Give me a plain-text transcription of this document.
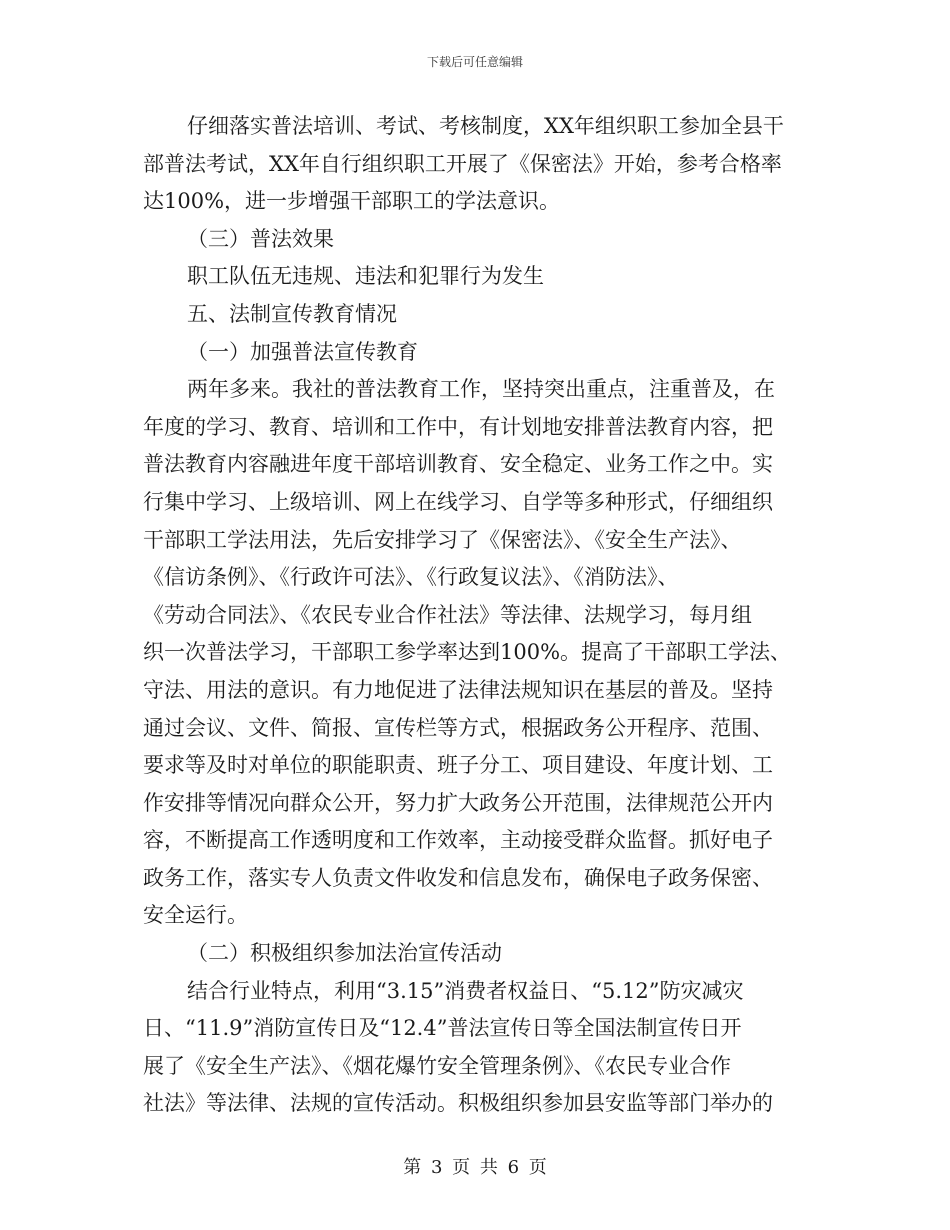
下载后可任意编辑
仔细落实普法培训、考试、考核制度，XX年组织职工参加全县干
部普法考试，XX年自行组织职工开展了《保密法》开始，参考合格率
达100%，进一步增强干部职工的学法意识。
（三）普法效果
职工队伍无违规、违法和犯罪行为发生
五、法制宣传教育情况
（一）加强普法宣传教育
两年多来。我社的普法教育工作，坚持突出重点，注重普及，在
年度的学习、教育、培训和工作中，有计划地安排普法教育内容，把
普法教育内容融进年度干部培训教育、安全稳定、业务工作之中。实
行集中学习、上级培训、网上在线学习、自学等多种形式，仔细组织
干部职工学法用法，先后安排学习了《保密法》、《安全生产法》、
《信访条例》、《行政许可法》、《行政复议法》、《消防法》、
《劳动合同法》、《农民专业合作社法》等法律、法规学习，每月组
织一次普法学习，干部职工参学率达到100%。提高了干部职工学法、
守法、用法的意识。有力地促进了法律法规知识在基层的普及。坚持
通过会议、文件、简报、宣传栏等方式，根据政务公开程序、范围、
要求等及时对单位的职能职责、班子分工、项目建设、年度计划、工
作安排等情况向群众公开，努力扩大政务公开范围，法律规范公开内
容，不断提高工作透明度和工作效率，主动接受群众监督。抓好电子
政务工作，落实专人负责文件收发和信息发布，确保电子政务保密、
安全运行。
（二）积极组织参加法治宣传活动
结合行业特点，利用“3.15”消费者权益日、“5.12”防灾减灾
日、“11.9”消防宣传日及“12.4”普法宣传日等全国法制宣传日开
展了《安全生产法》、《烟花爆竹安全管理条例》、《农民专业合作
社法》等法律、法规的宣传活动。积极组织参加县安监等部门举办的
第 3 页 共 6 页
